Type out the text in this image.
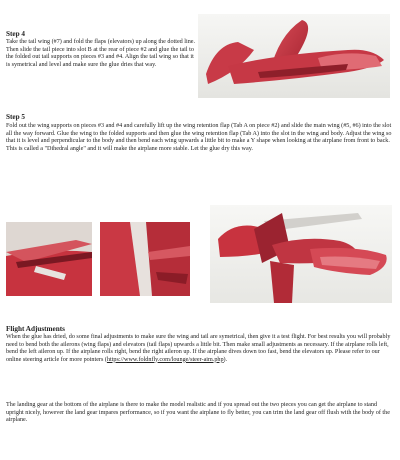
Step 4
Take the tail wing (#7) and fold the flaps (elevators) up along the dotted line. Then slide the tail piece into slot B at the rear of piece #2 and glue the tail to the folded out tail supports on pieces #3 and #4. Align the tail wing so that it is symetrical and level and make sure the glue dries that way.
Step 5
Fold out the wing supports on pieces #3 and #4 and carefully lift up the wing retention flap (Tab A on piece #2) and slide the main wing (#5, #6) into the slot all the way forward. Glue the wing to the folded supports and then glue the wing retention flap (Tab A) into the slot in the wing and body. Adjust the wing so that it is level and perpendicular to the body and then bend each wing upwards a little bit to make a Y shape when looking at the airplane from front to back. This is called a "Dihedral angle" and it will make the airplane more stable. Let the glue dry this way.
Flight Adjustments
When the glue has dried, do some final adjustments to make sure the wing and tail are symetrical, then give it a test flight. For best results you will probably need to bend both the ailerons (wing flaps) and elevators (tail flaps) upwards a little bit. Then make small adjustments as necessary. If the airplane rolls left, bend the left aileron up. If the airplane rolls right, bend the right aileron up. If the airplane dives down too fast, bend the elevators up. Please refer to our online steering article for more pointers (https://www.foldnfly.com/lounge/steer-aim.php).
The landing gear at the bottom of the airplane is there to make the model realistic and if you spread out the two pieces you can get the airplane to stand upright nicely, however the land gear impares performance, so if you want the airplane to fly better, you can trim the land gear off flush with the body of the airplane.
